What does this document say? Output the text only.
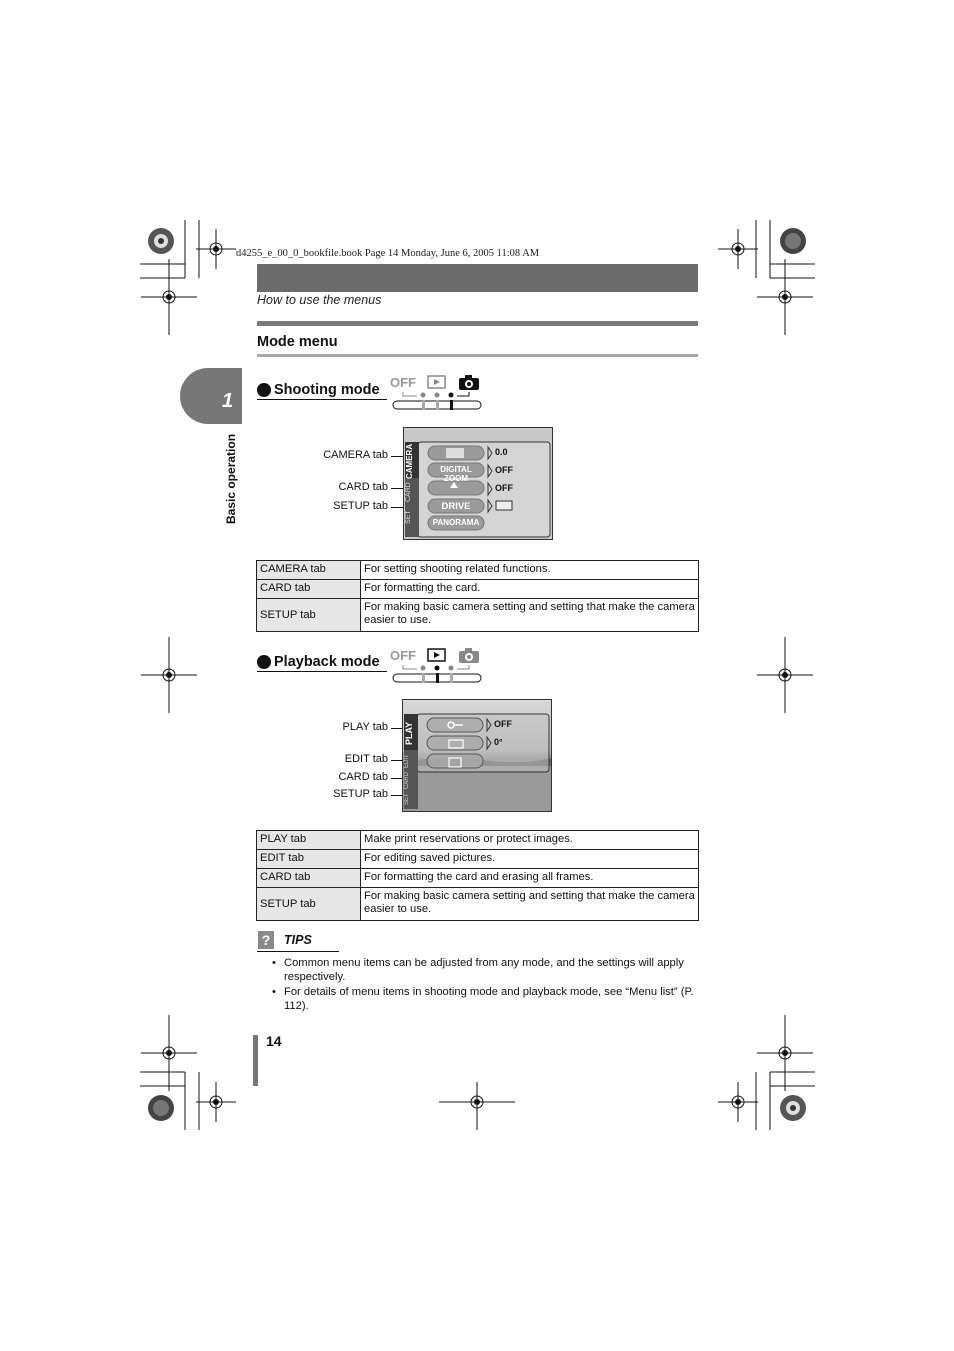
d4255_e_00_0_bookfile.book Page 14 Monday, June 6, 2005 11:08 AM
How to use the menus
Mode menu
1
Basic operation
Shooting mode OFF
CAMERA tab
CARD tab
SETUP tab
CAMERA
CARD
SET
DIGITAL ZOOM
DRIVE
PANORAMA
0.0
OFF
OFF
CAMERA tab	For setting shooting related functions.
CARD tab	For formatting the card.
SETUP tab	For making basic camera setting and setting that make the camera easier to use.
Playback mode OFF
PLAY tab
EDIT tab
CARD tab
SETUP tab
PLAY
EDIT
CARD
SET
OFF
0°
PLAY tab	Make print reservations or protect images.
EDIT tab	For editing saved pictures.
CARD tab	For formatting the card and erasing all frames.
SETUP tab	For making basic camera setting and setting that make the camera easier to use.
? TIPS
• Common menu items can be adjusted from any mode, and the settings will apply respectively.
• For details of menu items in shooting mode and playback mode, see “Menu list” (P. 112).
14
